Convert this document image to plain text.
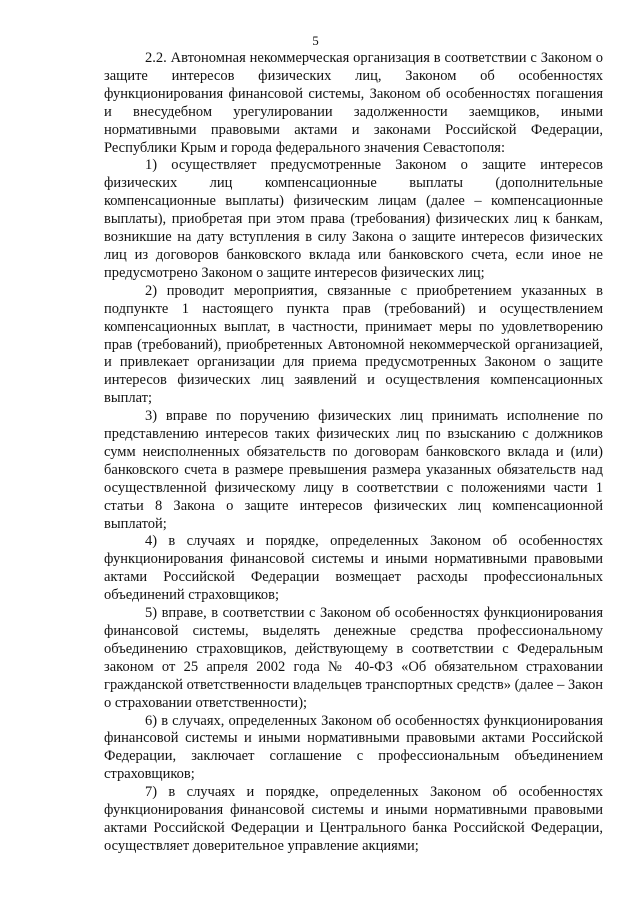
5

2.2. Автономная некоммерческая организация в соответствии с Законом о защите интересов физических лиц, Законом об особенностях функционирования финансовой системы, Законом об особенностях погашения и внесудебном урегулировании задолженности заемщиков, иными нормативными правовыми актами и законами Российской Федерации, Республики Крым и города федерального значения Севастополя:

1) осуществляет предусмотренные Законом о защите интересов физических лиц компенсационные выплаты (дополнительные компенсационные выплаты) физическим лицам (далее – компенсационные выплаты), приобретая при этом права (требования) физических лиц к банкам, возникшие на дату вступления в силу Закона о защите интересов физических лиц из договоров банковского вклада или банковского счета, если иное не предусмотрено Законом о защите интересов физических лиц;

2) проводит мероприятия, связанные с приобретением указанных в подпункте 1 настоящего пункта прав (требований) и осуществлением компенсационных выплат, в частности, принимает меры по удовлетворению прав (требований), приобретенных Автономной некоммерческой организацией, и привлекает организации для приема предусмотренных Законом о защите интересов физических лиц заявлений и осуществления компенсационных выплат;

3) вправе по поручению физических лиц принимать исполнение по представлению интересов таких физических лиц по взысканию с должников сумм неисполненных обязательств по договорам банковского вклада и (или) банковского счета в размере превышения размера указанных обязательств над осуществленной физическому лицу в соответствии с положениями части 1 статьи 8 Закона о защите интересов физических лиц компенсационной выплатой;

4) в случаях и порядке, определенных Законом об особенностях функционирования финансовой системы и иными нормативными правовыми актами Российской Федерации возмещает расходы профессиональных объединений страховщиков;

5) вправе, в соответствии с Законом об особенностях функционирования финансовой системы, выделять денежные средства профессиональному объединению страховщиков, действующему в соответствии с Федеральным законом от 25 апреля 2002 года № 40-ФЗ «Об обязательном страховании гражданской ответственности владельцев транспортных средств» (далее – Закон о страховании ответственности);

6) в случаях, определенных Законом об особенностях функционирования финансовой системы и иными нормативными правовыми актами Российской Федерации, заключает соглашение с профессиональным объединением страховщиков;

7) в случаях и порядке, определенных Законом об особенностях функционирования финансовой системы и иными нормативными правовыми актами Российской Федерации и Центрального банка Российской Федерации, осуществляет доверительное управление акциями;
